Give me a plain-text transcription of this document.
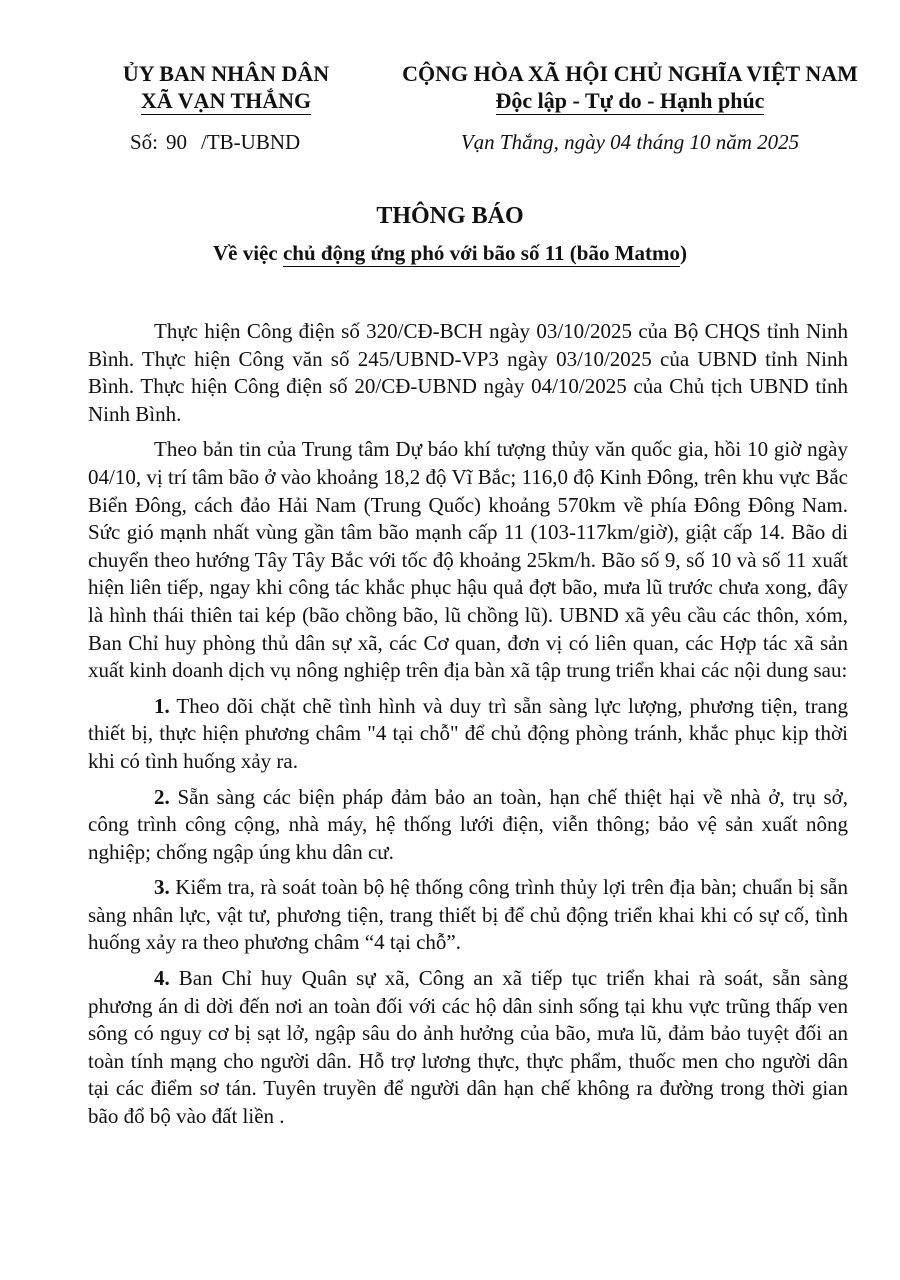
ỦY BAN NHÂN DÂN
XÃ VẠN THẮNG
CỘNG HÒA XÃ HỘI CHỦ NGHĨA VIỆT NAM
Độc lập - Tự do - Hạnh phúc
Số: 90 /TB-UBND	Vạn Thắng, ngày 04 tháng 10 năm 2025
THÔNG BÁO
Về việc chủ động ứng phó với bão số 11 (bão Matmo)

Thực hiện Công điện số 320/CĐ-BCH ngày 03/10/2025 của Bộ CHQS tỉnh Ninh Bình. Thực hiện Công văn số 245/UBND-VP3 ngày 03/10/2025 của UBND tỉnh Ninh Bình. Thực hiện Công điện số 20/CĐ-UBND ngày 04/10/2025 của Chủ tịch UBND tỉnh Ninh Bình.

Theo bản tin của Trung tâm Dự báo khí tượng thủy văn quốc gia, hồi 10 giờ ngày 04/10, vị trí tâm bão ở vào khoảng 18,2 độ Vĩ Bắc; 116,0 độ Kinh Đông, trên khu vực Bắc Biển Đông, cách đảo Hải Nam (Trung Quốc) khoảng 570km về phía Đông Đông Nam. Sức gió mạnh nhất vùng gần tâm bão mạnh cấp 11 (103-117km/giờ), giật cấp 14. Bão di chuyển theo hướng Tây Tây Bắc với tốc độ khoảng 25km/h. Bão số 9, số 10 và số 11 xuất hiện liên tiếp, ngay khi công tác khắc phục hậu quả đợt bão, mưa lũ trước chưa xong, đây là hình thái thiên tai kép (bão chồng bão, lũ chồng lũ). UBND xã yêu cầu các thôn, xóm, Ban Chỉ huy phòng thủ dân sự xã, các Cơ quan, đơn vị có liên quan, các Hợp tác xã sản xuất kinh doanh dịch vụ nông nghiệp trên địa bàn xã tập trung triển khai các nội dung sau:

1. Theo dõi chặt chẽ tình hình và duy trì sẵn sàng lực lượng, phương tiện, trang thiết bị, thực hiện phương châm "4 tại chỗ" để chủ động phòng tránh, khắc phục kịp thời khi có tình huống xảy ra.

2. Sẵn sàng các biện pháp đảm bảo an toàn, hạn chế thiệt hại về nhà ở, trụ sở, công trình công cộng, nhà máy, hệ thống lưới điện, viễn thông; bảo vệ sản xuất nông nghiệp; chống ngập úng khu dân cư.

3. Kiểm tra, rà soát toàn bộ hệ thống công trình thủy lợi trên địa bàn; chuẩn bị sẵn sàng nhân lực, vật tư, phương tiện, trang thiết bị để chủ động triển khai khi có sự cố, tình huống xảy ra theo phương châm “4 tại chỗ”.

4. Ban Chỉ huy Quân sự xã, Công an xã tiếp tục triển khai rà soát, sẵn sàng phương án di dời đến nơi an toàn đối với các hộ dân sinh sống tại khu vực trũng thấp ven sông có nguy cơ bị sạt lở, ngập sâu do ảnh hưởng của bão, mưa lũ, đảm bảo tuyệt đối an toàn tính mạng cho người dân. Hỗ trợ lương thực, thực phẩm, thuốc men cho người dân tại các điểm sơ tán. Tuyên truyền để người dân hạn chế không ra đường trong thời gian bão đổ bộ vào đất liền .
